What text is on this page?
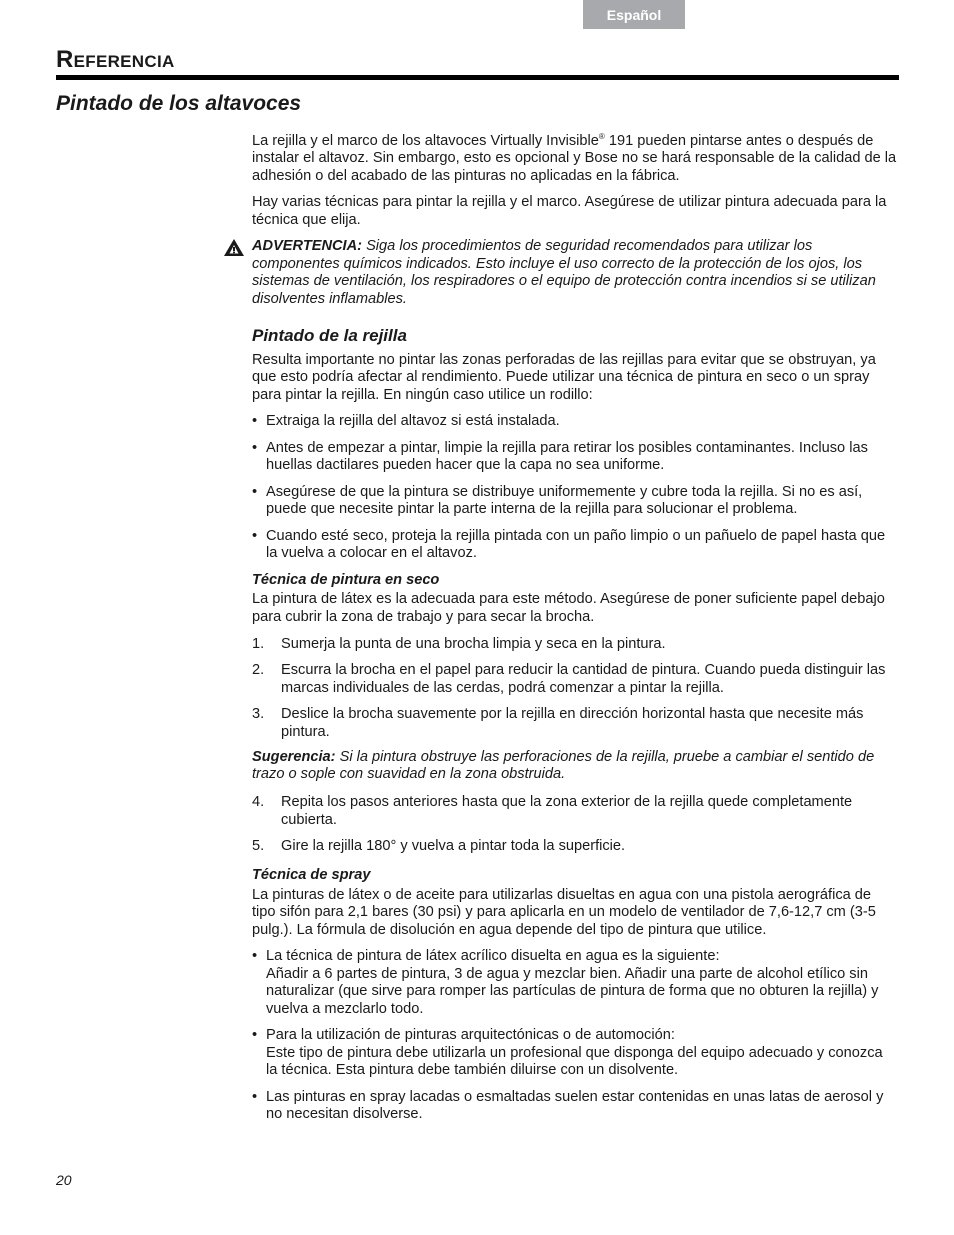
Español
Referencia
Pintado de los altavoces

La rejilla y el marco de los altavoces Virtually Invisible® 191 pueden pintarse antes o después de instalar el altavoz. Sin embargo, esto es opcional y Bose no se hará responsable de la calidad de la adhesión o del acabado de las pinturas no aplicadas en la fábrica.

Hay varias técnicas para pintar la rejilla y el marco. Asegúrese de utilizar pintura adecuada para la técnica que elija.

ADVERTENCIA: Siga los procedimientos de seguridad recomendados para utilizar los componentes químicos indicados. Esto incluye el uso correcto de la protección de los ojos, los sistemas de ventilación, los respiradores o el equipo de protección contra incendios si se utilizan disolventes inflamables.
Pintado de la rejilla

Resulta importante no pintar las zonas perforadas de las rejillas para evitar que se obstruyan, ya que esto podría afectar al rendimiento. Puede utilizar una técnica de pintura en seco o un spray para pintar la rejilla. En ningún caso utilice un rodillo:

• Extraiga la rejilla del altavoz si está instalada.
• Antes de empezar a pintar, limpie la rejilla para retirar los posibles contaminantes. Incluso las huellas dactilares pueden hacer que la capa no sea uniforme.
• Asegúrese de que la pintura se distribuye uniformemente y cubre toda la rejilla. Si no es así, puede que necesite pintar la parte interna de la rejilla para solucionar el problema.
• Cuando esté seco, proteja la rejilla pintada con un paño limpio o un pañuelo de papel hasta que la vuelva a colocar en el altavoz.
Técnica de pintura en seco

La pintura de látex es la adecuada para este método. Asegúrese de poner suficiente papel debajo para cubrir la zona de trabajo y para secar la brocha.

1. Sumerja la punta de una brocha limpia y seca en la pintura.
2. Escurra la brocha en el papel para reducir la cantidad de pintura. Cuando pueda distinguir las marcas individuales de las cerdas, podrá comenzar a pintar la rejilla.
3. Deslice la brocha suavemente por la rejilla en dirección horizontal hasta que necesite más pintura.

Sugerencia: Si la pintura obstruye las perforaciones de la rejilla, pruebe a cambiar el sentido de trazo o sople con suavidad en la zona obstruida.

4. Repita los pasos anteriores hasta que la zona exterior de la rejilla quede completamente cubierta.
5. Gire la rejilla 180° y vuelva a pintar toda la superficie.
Técnica de spray

La pinturas de látex o de aceite para utilizarlas disueltas en agua con una pistola aerográfica de tipo sifón para 2,1 bares (30 psi) y para aplicarla en un modelo de ventilador de 7,6-12,7 cm (3-5 pulg.). La fórmula de disolución en agua depende del tipo de pintura que utilice.

• La técnica de pintura de látex acrílico disuelta en agua es la siguiente:
Añadir a 6 partes de pintura, 3 de agua y mezclar bien. Añadir una parte de alcohol etílico sin naturalizar (que sirve para romper las partículas de pintura de forma que no obturen la rejilla) y vuelva a mezclarlo todo.
• Para la utilización de pinturas arquitectónicas o de automoción:
Este tipo de pintura debe utilizarla un profesional que disponga del equipo adecuado y conozca la técnica. Esta pintura debe también diluirse con un disolvente.
• Las pinturas en spray lacadas o esmaltadas suelen estar contenidas en unas latas de aerosol y no necesitan disolverse.
20
